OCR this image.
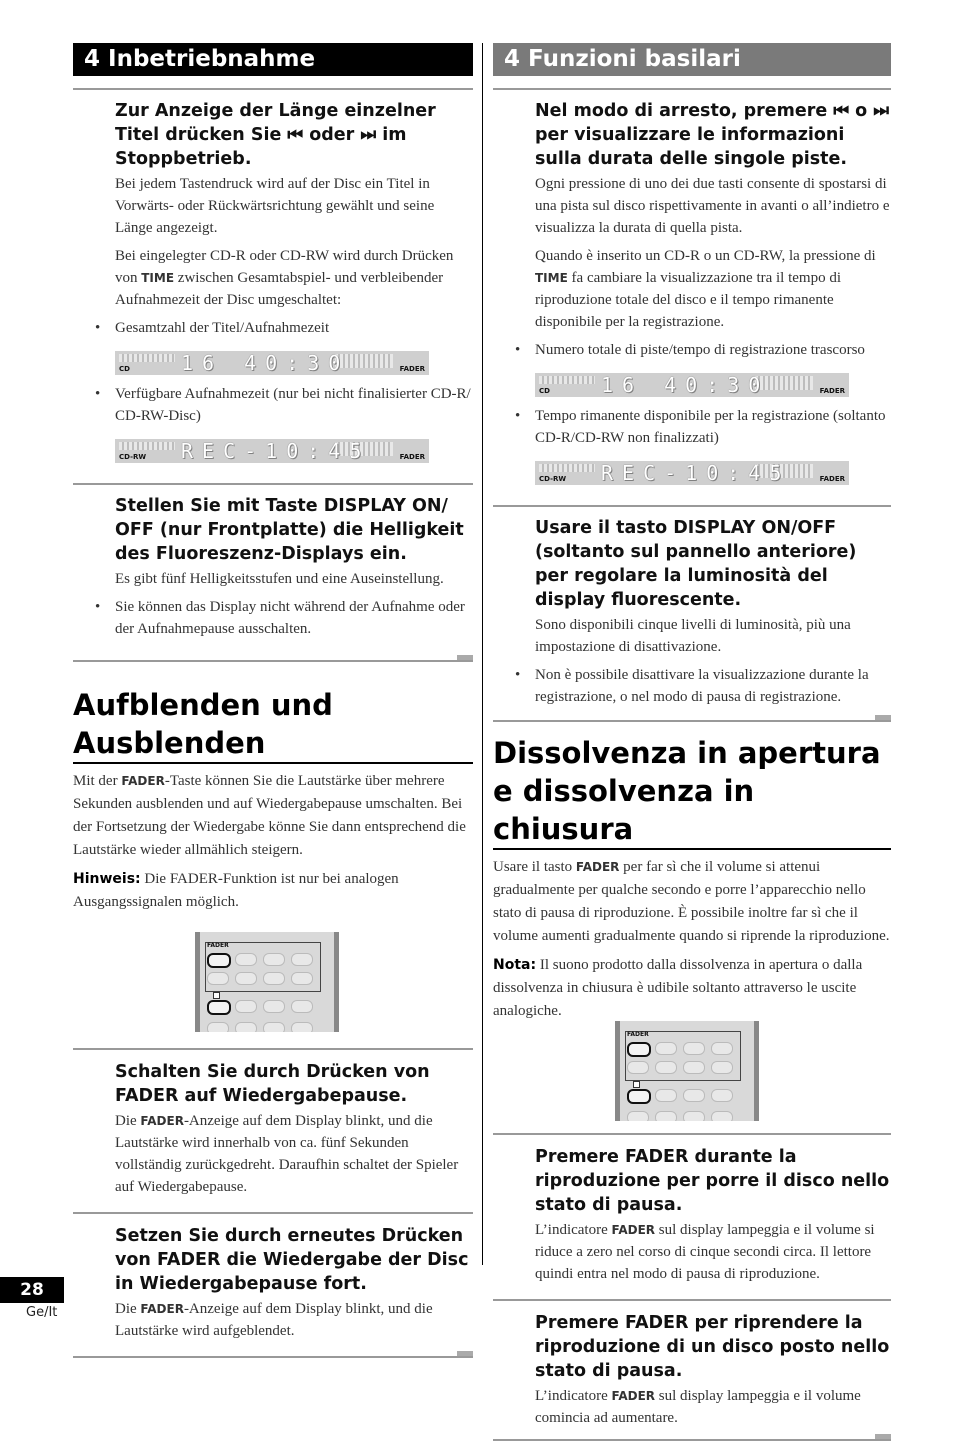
4 Inbetriebnahme
Zur Anzeige der Länge einzelner Titel drücken Sie ⏮ oder ⏭ im Stoppbetrieb.
Bei jedem Tastendruck wird auf der Disc ein Titel in Vorwärts- oder Rückwärtsrichtung gewählt und seine Länge angezeigt.
Bei eingelegter CD-R oder CD-RW wird durch Drücken von TIME zwischen Gesamtabspiel- und verbleibender Aufnahmezeit der Disc umgeschaltet:
• Gesamtzahl der Titel/Aufnahmezeit
16 40:30
CD	FADER
• Verfügbare Aufnahmezeit (nur bei nicht finalisierter CD-R/ CD-RW-Disc)
REC-10:45
CD-RW	FADER
Stellen Sie mit Taste DISPLAY ON/ OFF (nur Frontplatte) die Helligkeit des Fluoreszenz-Displays ein.
Es gibt fünf Helligkeitsstufen und eine Auseinstellung.
• Sie können das Display nicht während der Aufnahme oder der Aufnahmepause ausschalten.
Aufblenden und Ausblenden
Mit der FADER-Taste können Sie die Lautstärke über mehrere Sekunden ausblenden und auf Wiedergabepause umschalten. Bei der Fortsetzung der Wiedergabe könne Sie dann entsprechend die Lautstärke wieder allmählich steigern.
Hinweis: Die FADER-Funktion ist nur bei analogen Ausgangssignalen möglich.
FADER
Schalten Sie durch Drücken von FADER auf Wiedergabepause.
Die FADER-Anzeige auf dem Display blinkt, und die Lautstärke wird innerhalb von ca. fünf Sekunden vollständig zurückgedreht. Daraufhin schaltet der Spieler auf Wiedergabepause.
Setzen Sie durch erneutes Drücken von FADER die Wiedergabe der Disc in Wiedergabepause fort.
Die FADER-Anzeige auf dem Display blinkt, und die Lautstärke wird aufgeblendet.
4 Funzioni basilari
Nel modo di arresto, premere ⏮ o ⏭ per visualizzare le informazioni sulla durata delle singole piste.
Ogni pressione di uno dei due tasti consente di spostarsi di una pista sul disco rispettivamente in avanti o all’indietro e visualizza la durata di quella pista.
Quando è inserito un CD-R o un CD-RW, la pressione di TIME fa cambiare la visualizzazione tra il tempo di riproduzione totale del disco e il tempo rimanente disponibile per la registrazione.
• Numero totale di piste/tempo di registrazione trascorso
16 40:30
CD	FADER
• Tempo rimanente disponibile per la registrazione (soltanto CD-R/CD-RW non finalizzati)
REC-10:45
CD-RW	FADER
Usare il tasto DISPLAY ON/OFF (soltanto sul pannello anteriore) per regolare la luminosità del display fluorescente.
Sono disponibili cinque livelli di luminosità, più una impostazione di disattivazione.
• Non è possibile disattivare la visualizzazione durante la registrazione, o nel modo di pausa di registrazione.
Dissolvenza in apertura e dissolvenza in chiusura
Usare il tasto FADER per far sì che il volume si attenui gradualmente per qualche secondo e porre l’apparecchio nello stato di pausa di riproduzione. È possibile inoltre far sì che il volume aumenti gradualmente quando si riprende la riproduzione.
Nota: Il suono prodotto dalla dissolvenza in apertura o dalla dissolvenza in chiusura è udibile soltanto attraverso le uscite analogiche.
FADER
Premere FADER durante la riproduzione per porre il disco nello stato di pausa.
L’indicatore FADER sul display lampeggia e il volume si riduce a zero nel corso di cinque secondi circa. Il lettore quindi entra nel modo di pausa di riproduzione.
Premere FADER per riprendere la riproduzione di un disco posto nello stato di pausa.
L’indicatore FADER sul display lampeggia e il volume comincia ad aumentare.
28
Ge/It
